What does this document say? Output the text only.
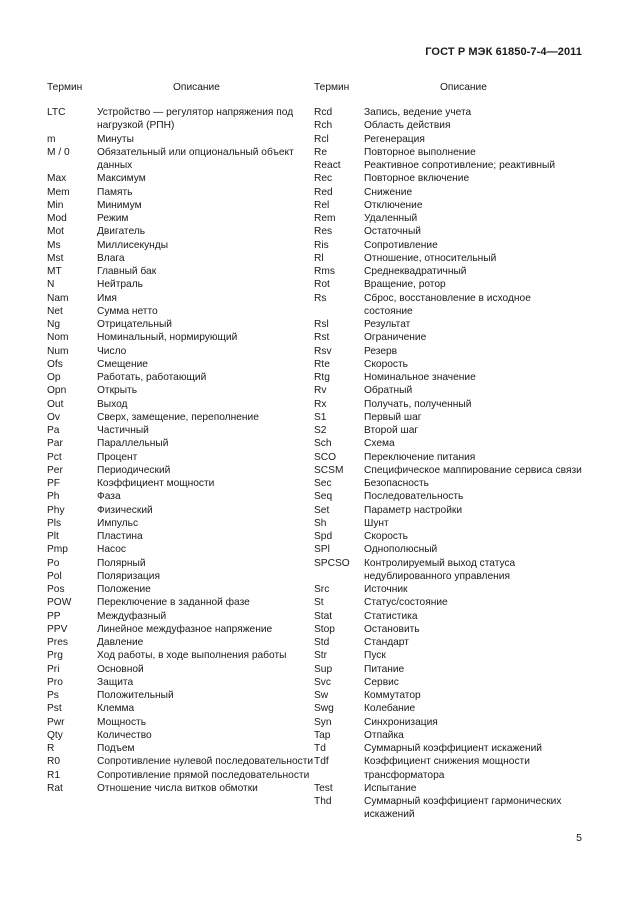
ГОСТ Р МЭК 61850-7-4—2011
Термин	Описание
LTC	Устройство — регулятор напряжения под нагрузкой (РПН)
m	Минуты
M / 0	Обязательный или опциональный объект данных
Max	Максимум
Mem	Память
Min	Минимум
Mod	Режим
Mot	Двигатель
Ms	Миллисекунды
Mst	Влага
MT	Главный бак
N	Нейтраль
Nam	Имя
Net	Сумма нетто
Ng	Отрицательный
Nom	Номинальный, нормирующий
Num	Число
Ofs	Смещение
Op	Работать, работающий
Opn	Открыть
Out	Выход
Ov	Сверх, замещение, переполнение
Pa	Частичный
Par	Параллельный
Pct	Процент
Per	Периодический
PF	Коэффициент мощности
Ph	Фаза
Phy	Физический
Pls	Импульс
Plt	Пластина
Pmp	Насос
Po	Полярный
Pol	Поляризация
Pos	Положение
POW	Переключение в заданной фазе
PP	Междуфазный
PPV	Линейное междуфазное напряжение
Pres	Давление
Prg	Ход работы, в ходе выполнения работы
Pri	Основной
Pro	Защита
Ps	Положительный
Pst	Клемма
Pwr	Мощность
Qty	Количество
R	Подъем
R0	Сопротивление нулевой последовательности
R1	Сопротивление прямой последовательности
Rat	Отношение числа витков обмотки
Термин	Описание
Rcd	Запись, ведение учета
Rch	Область действия
Rcl	Регенерация
Re	Повторное выполнение
React	Реактивное сопротивление; реактивный
Rec	Повторное включение
Red	Снижение
Rel	Отключение
Rem	Удаленный
Res	Остаточный
Ris	Сопротивление
Rl	Отношение, относительный
Rms	Среднеквадратичный
Rot	Вращение, ротор
Rs	Сброс, восстановление в исходное состояние
Rsl	Результат
Rst	Ограничение
Rsv	Резерв
Rte	Скорость
Rtg	Номинальное значение
Rv	Обратный
Rx	Получать, полученный
S1	Первый шаг
S2	Второй шаг
Sch	Схема
SCO	Переключение питания
SCSM	Специфическое маппирование сервиса связи
Sec	Безопасность
Seq	Последовательность
Set	Параметр настройки
Sh	Шунт
Spd	Скорость
SPl	Однополюсный
SPCSO	Контролируемый выход статуса недублированного управления
Src	Источник
St	Статус/состояние
Stat	Статистика
Stop	Остановить
Std	Стандарт
Str	Пуск
Sup	Питание
Svc	Сервис
Sw	Коммутатор
Swg	Колебание
Syn	Синхронизация
Tap	Отпайка
Td	Суммарный коэффициент искажений
Tdf	Коэффициент снижения мощности трансформатора
Test	Испытание
Thd	Суммарный коэффициент гармонических искажений
5
